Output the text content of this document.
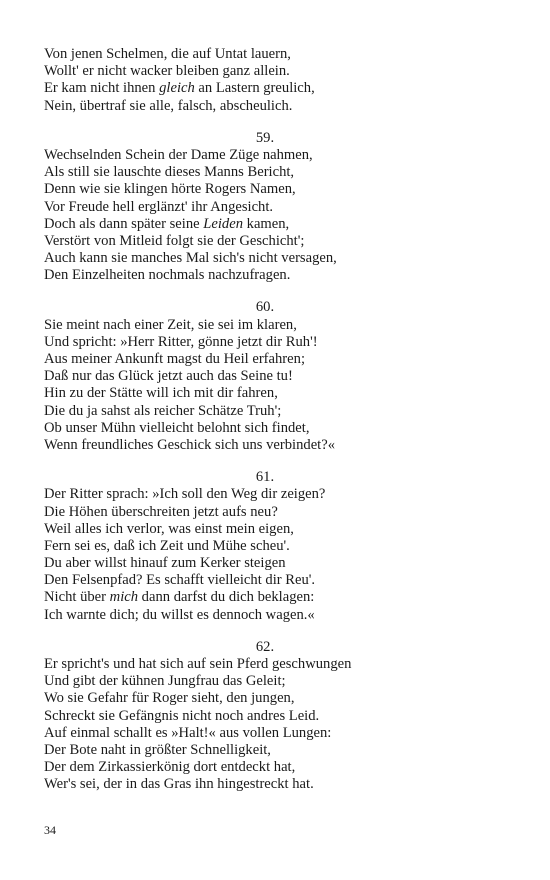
Von jenen Schelmen, die auf Untat lauern,
Wollt' er nicht wacker bleiben ganz allein.
Er kam nicht ihnen gleich an Lastern greulich,
Nein, übertraf sie alle, falsch, abscheulich.
59.
Wechselnden Schein der Dame Züge nahmen,
Als still sie lauschte dieses Manns Bericht,
Denn wie sie klingen hörte Rogers Namen,
Vor Freude hell erglänzt' ihr Angesicht.
Doch als dann später seine Leiden kamen,
Verstört von Mitleid folgt sie der Geschicht';
Auch kann sie manches Mal sich's nicht versagen,
Den Einzelheiten nochmals nachzufragen.
60.
Sie meint nach einer Zeit, sie sei im klaren,
Und spricht: »Herr Ritter, gönne jetzt dir Ruh'!
Aus meiner Ankunft magst du Heil erfahren;
Daß nur das Glück jetzt auch das Seine tu!
Hin zu der Stätte will ich mit dir fahren,
Die du ja sahst als reicher Schätze Truh';
Ob unser Mühn vielleicht belohnt sich findet,
Wenn freundliches Geschick sich uns verbindet?«
61.
Der Ritter sprach: »Ich soll den Weg dir zeigen?
Die Höhen überschreiten jetzt aufs neu?
Weil alles ich verlor, was einst mein eigen,
Fern sei es, daß ich Zeit und Mühe scheu'.
Du aber willst hinauf zum Kerker steigen
Den Felsenpfad? Es schafft vielleicht dir Reu'.
Nicht über mich dann darfst du dich beklagen:
Ich warnte dich; du willst es dennoch wagen.«
62.
Er spricht's und hat sich auf sein Pferd geschwungen
Und gibt der kühnen Jungfrau das Geleit;
Wo sie Gefahr für Roger sieht, den jungen,
Schreckt sie Gefängnis nicht noch andres Leid.
Auf einmal schallt es »Halt!« aus vollen Lungen:
Der Bote naht in größter Schnelligkeit,
Der dem Zirkassierkönig dort entdeckt hat,
Wer's sei, der in das Gras ihn hingestreckt hat.
34
